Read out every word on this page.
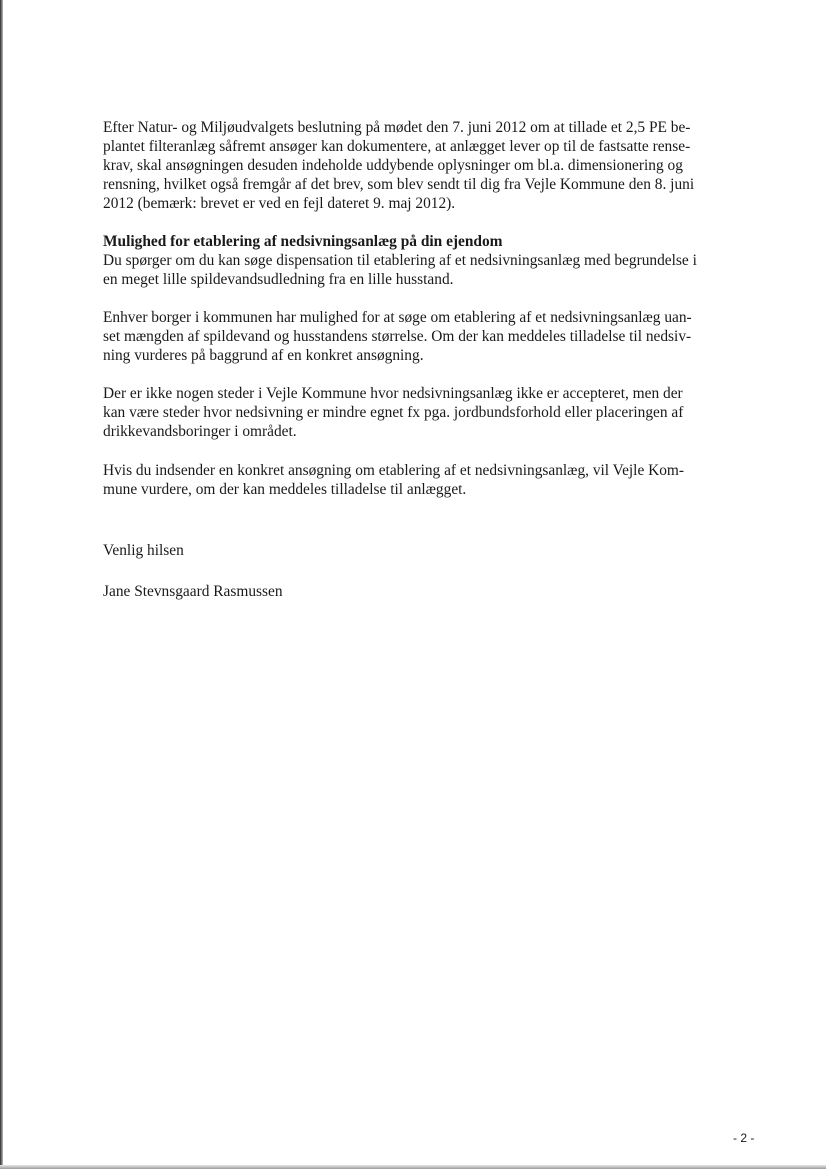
Efter Natur- og Miljøudvalgets beslutning på mødet den 7. juni 2012 om at tillade et 2,5 PE be-

plantet filteranlæg såfremt ansøger kan dokumentere, at anlægget lever op til de fastsatte rense-

krav, skal ansøgningen desuden indeholde uddybende oplysninger om bl.a. dimensionering og

rensning, hvilket også fremgår af det brev, som blev sendt til dig fra Vejle Kommune den 8. juni

2012 (bemærk: brevet er ved en fejl dateret 9. maj 2012).

Mulighed for etablering af nedsivningsanlæg på din ejendom

Du spørger om du kan søge dispensation til etablering af et nedsivningsanlæg med begrundelse i

en meget lille spildevandsudledning fra en lille husstand.

Enhver borger i kommunen har mulighed for at søge om etablering af et nedsivningsanlæg uan-

set mængden af spildevand og husstandens størrelse. Om der kan meddeles tilladelse til nedsiv-

ning vurderes på baggrund af en konkret ansøgning.

Der er ikke nogen steder i Vejle Kommune hvor nedsivningsanlæg ikke er accepteret, men der

kan være steder hvor nedsivning er mindre egnet fx pga. jordbundsforhold eller placeringen af

drikkevandsboringer i området.

Hvis du indsender en konkret ansøgning om etablering af et nedsivningsanlæg, vil Vejle Kom-

mune vurdere, om der kan meddeles tilladelse til anlægget.

Venlig hilsen

Jane Stevnsgaard Rasmussen

- 2 -
